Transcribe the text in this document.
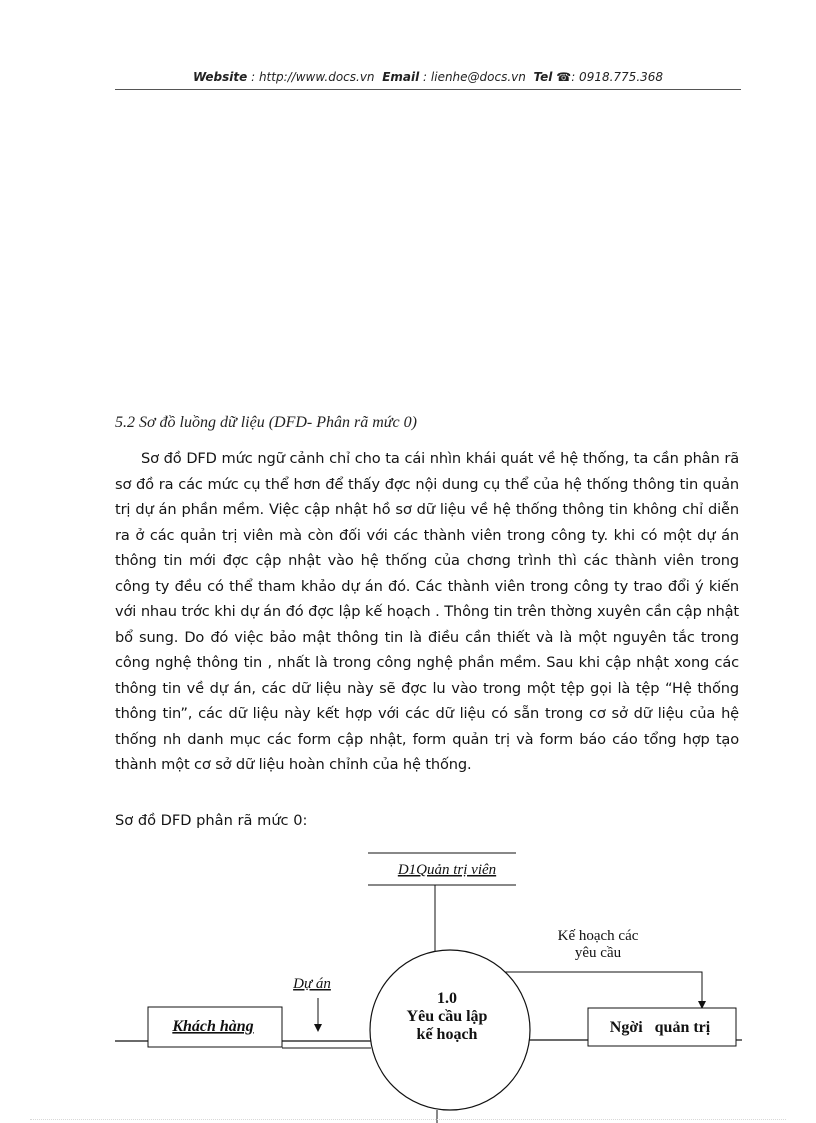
Website : http://www.docs.vn Email : lienhe@docs.vn Tel ☎: 0918.775.368
5.2 Sơ đồ luồng dữ liệu (DFD- Phân rã mức 0)

Sơ đồ DFD mức ngữ cảnh chỉ cho ta cái nhìn khái quát về hệ thống, ta cần phân rã sơ đồ ra các mức cụ thể hơn để thấy đợc nội dung cụ thể của hệ thống thông tin quản trị dự án phần mềm. Việc cập nhật hồ sơ dữ liệu về hệ thống thông tin không chỉ diễn ra ở các quản trị viên mà còn đối với các thành viên trong công ty. khi có một dự án thông tin mới đợc cập nhật vào hệ thống của chơng trình thì các thành viên trong công ty đều có thể tham khảo dự án đó. Các thành viên trong công ty trao đổi ý kiến với nhau trớc khi dự án đó đợc lập kế hoạch . Thông tin trên thờng xuyên cần cập nhật bổ sung. Do đó việc bảo mật thông tin là điều cần thiết và là một nguyên tắc trong công nghệ thông tin , nhất là trong công nghệ phần mềm. Sau khi cập nhật xong các thông tin về dự án, các dữ liệu này sẽ đợc lu vào trong một tệp gọi là tệp “Hệ thống thông tin”, các dữ liệu này kết hợp với các dữ liệu có sẵn trong cơ sở dữ liệu của hệ thống nh danh mục các form cập nhật, form quản trị và form báo cáo tổng hợp tạo thành một cơ sở dữ liệu hoàn chỉnh của hệ thống.

Sơ đồ DFD phân rã mức 0:
D1Quản trị viên
Kế hoạch các
yêu cầu
1.0
Yêu cầu lập
kế hoạch
Dự án
Khách hàng	Ngời   quản trị
